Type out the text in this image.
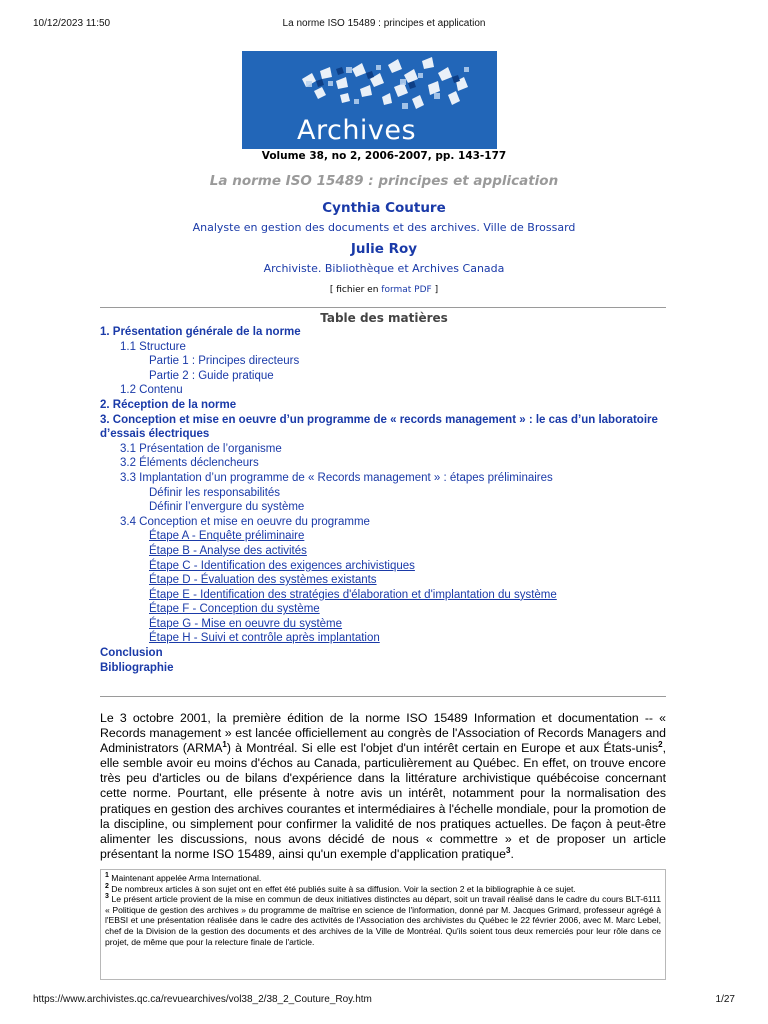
10/12/2023 11:50	La norme ISO 15489 : principes et application
Archives
Volume 38, no 2, 2006-2007, pp. 143-177
La norme ISO 15489 : principes et application
Cynthia Couture
Analyste en gestion des documents et des archives. Ville de Brossard
Julie Roy
Archiviste. Bibliothèque et Archives Canada
[ fichier en format PDF ]
Table des matières
1. Présentation générale de la norme
1.1 Structure
Partie 1 : Principes directeurs
Partie 2 : Guide pratique
1.2 Contenu
2. Réception de la norme
3. Conception et mise en oeuvre d’un programme de « records management » : le cas d’un laboratoire d’essais électriques
3.1 Présentation de l’organisme
3.2 Éléments déclencheurs
3.3 Implantation d’un programme de « Records management » : étapes préliminaires
Définir les responsabilités
Définir l’envergure du système
3.4 Conception et mise en oeuvre du programme
Étape A - Enquête préliminaire
Étape B - Analyse des activités
Étape C - Identification des exigences archivistiques
Étape D - Évaluation des systèmes existants
Étape E - Identification des stratégies d'élaboration et d'implantation du système
Étape F - Conception du système
Étape G - Mise en oeuvre du système
Étape H - Suivi et contrôle après implantation
Conclusion
Bibliographie
Le 3 octobre 2001, la première édition de la norme ISO 15489 Information et documentation -- « Records management » est lancée officiellement au congrès de l'Association of Records Managers and Administrators (ARMA$^1$) à Montréal. Si elle est l'objet d'un intérêt certain en Europe et aux États-unis$^2$, elle semble avoir eu moins d'échos au Canada, particulièrement au Québec. En effet, on trouve encore très peu d'articles ou de bilans d'expérience dans la littérature archivistique québécoise concernant cette norme. Pourtant, elle présente à notre avis un intérêt, notamment pour la normalisation des pratiques en gestion des archives courantes et intermédiaires à l'échelle mondiale, pour la promotion de la discipline, ou simplement pour confirmer la validité de nos pratiques actuelles. De façon à peut-être alimenter les discussions, nous avons décidé de nous « commettre » et de proposer un article présentant la norme ISO 15489, ainsi qu'un exemple d'application pratique$^3$.
$^1$ Maintenant appelée Arma International.
$^2$ De nombreux articles à son sujet ont en effet été publiés suite à sa diffusion. Voir la section 2 et la bibliographie à ce sujet.
$^3$ Le présent article provient de la mise en commun de deux initiatives distinctes au départ, soit un travail réalisé dans le cadre du cours BLT-6111 « Politique de gestion des archives » du programme de maîtrise en science de l'information, donné par M. Jacques Grimard, professeur agrégé à l'EBSI et une présentation réalisée dans le cadre des activités de l'Association des archivistes du Québec le 22 février 2006, avec M. Marc Lebel, chef de la Division de la gestion des documents et des archives de la Ville de Montréal. Qu'ils soient tous deux remerciés pour leur rôle dans ce projet, de même que pour la relecture finale de l'article.
https://www.archivistes.qc.ca/revuearchives/vol38_2/38_2_Couture_Roy.htm	1/27
